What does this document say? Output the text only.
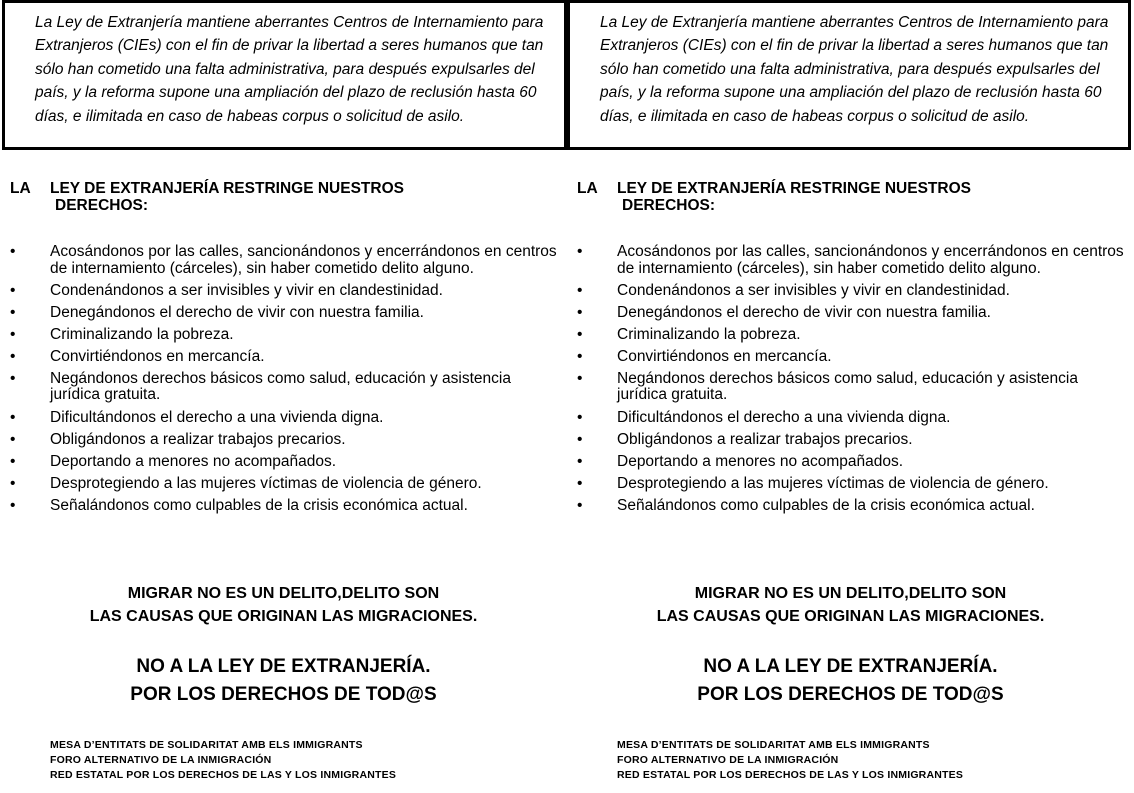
La Ley de Extranjería mantiene aberrantes Centros de Internamiento para Extranjeros (CIEs) con el fin de privar la libertad a seres humanos que tan sólo han cometido una falta administrativa, para después expulsarles del país, y la reforma supone una ampliación del plazo de reclusión hasta 60 días, e ilimitada en caso de habeas corpus o solicitud de asilo.

LA LEY DE EXTRANJERÍA RESTRINGE NUESTROS
DERECHOS:
• Acosándonos por las calles, sancionándonos y encerrándonos en centros de internamiento (cárceles), sin haber cometido delito alguno.
• Condenándonos a ser invisibles y vivir en clandestinidad.
• Denegándonos el derecho de vivir con nuestra familia.
• Criminalizando la pobreza.
• Convirtiéndonos en mercancía.
• Negándonos derechos básicos como salud, educación y asistencia jurídica gratuita.
• Dificultándonos el derecho a una vivienda digna.
• Obligándonos a realizar trabajos precarios.
• Deportando a menores no acompañados.
• Desprotegiendo a las mujeres víctimas de violencia de género.
• Señalándonos como culpables de la crisis económica actual.
MIGRAR NO ES UN DELITO,DELITO SON
LAS CAUSAS QUE ORIGINAN LAS MIGRACIONES.
NO A LA LEY DE EXTRANJERÍA.
POR LOS DERECHOS DE TOD@S
MESA D’ENTITATS DE SOLIDARITAT AMB ELS IMMIGRANTS
FORO ALTERNATIVO DE LA INMIGRACIÓN
RED ESTATAL POR LOS DERECHOS DE LAS Y LOS INMIGRANTES

La Ley de Extranjería mantiene aberrantes Centros de Internamiento para Extranjeros (CIEs) con el fin de privar la libertad a seres humanos que tan sólo han cometido una falta administrativa, para después expulsarles del país, y la reforma supone una ampliación del plazo de reclusión hasta 60 días, e ilimitada en caso de habeas corpus o solicitud de asilo.

LA LEY DE EXTRANJERÍA RESTRINGE NUESTROS
DERECHOS:
• Acosándonos por las calles, sancionándonos y encerrándonos en centros de internamiento (cárceles), sin haber cometido delito alguno.
• Condenándonos a ser invisibles y vivir en clandestinidad.
• Denegándonos el derecho de vivir con nuestra familia.
• Criminalizando la pobreza.
• Convirtiéndonos en mercancía.
• Negándonos derechos básicos como salud, educación y asistencia jurídica gratuita.
• Dificultándonos el derecho a una vivienda digna.
• Obligándonos a realizar trabajos precarios.
• Deportando a menores no acompañados.
• Desprotegiendo a las mujeres víctimas de violencia de género.
• Señalándonos como culpables de la crisis económica actual.
MIGRAR NO ES UN DELITO,DELITO SON
LAS CAUSAS QUE ORIGINAN LAS MIGRACIONES.
NO A LA LEY DE EXTRANJERÍA.
POR LOS DERECHOS DE TOD@S
MESA D’ENTITATS DE SOLIDARITAT AMB ELS IMMIGRANTS
FORO ALTERNATIVO DE LA INMIGRACIÓN
RED ESTATAL POR LOS DERECHOS DE LAS Y LOS INMIGRANTES
